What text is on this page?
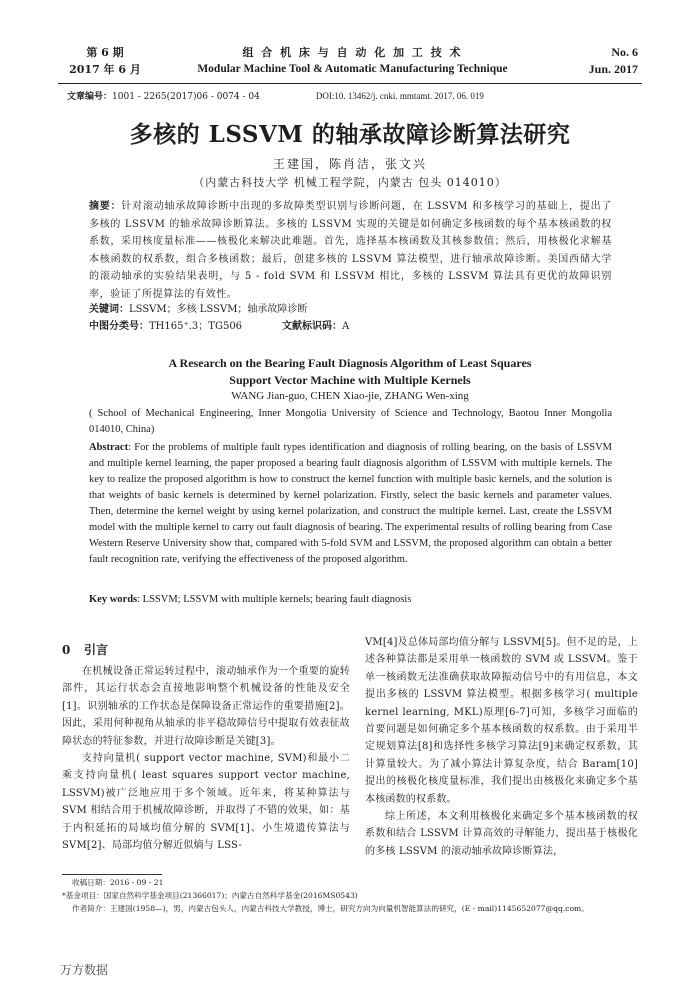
第 6 期
2017 年 6 月
组 合 机 床 与 自 动 化 加 工 技 术
Modular Machine Tool & Automatic Manufacturing Technique
No. 6
Jun. 2017
文章编号：1001 - 2265(2017)06 - 0074 - 04	DOI:10. 13462/j. cnki. mmtamt. 2017. 06. 019
多核的 LSSVM 的轴承故障诊断算法研究
王建国，陈肖洁，张文兴
（内蒙古科技大学 机械工程学院，内蒙古 包头 014010）
摘要：针对滚动轴承故障诊断中出现的多故障类型识别与诊断问题，在 LSSVM 和多核学习的基础上，提出了多核的 LSSVM 的轴承故障诊断算法。多核的 LSSVM 实现的关键是如何确定多核函数的每个基本核函数的权系数，采用核度量标准——核极化来解决此难题。首先，选择基本核函数及其核参数值；然后，用核极化求解基本核函数的权系数，组合多核函数；最后，创建多核的 LSSVM 算法模型，进行轴承故障诊断。美国西储大学的滚动轴承的实验结果表明，与 5 - fold SVM 和 LSSVM 相比，多核的 LSSVM 算法具有更优的故障识别率，验证了所提算法的有效性。
关键词：LSSVM；多核 LSSVM；轴承故障诊断
中图分类号：TH165⁺.3；TG506	文献标识码：A
A Research on the Bearing Fault Diagnosis Algorithm of Least Squares
Support Vector Machine with Multiple Kernels
WANG Jian-guo, CHEN Xiao-jie, ZHANG Wen-xing
( School of Mechanical Engineering, Inner Mongolia University of Science and Technology, Baotou Inner Mongolia 014010, China)
Abstract: For the problems of multiple fault types identification and diagnosis of rolling bearing, on the basis of LSSVM and multiple kernel learning, the paper proposed a bearing fault diagnosis algorithm of LSSVM with multiple kernels. The key to realize the proposed algorithm is how to construct the kernel function with multiple basic kernels, and the solution is that weights of basic kernels is determined by kernel polarization. Firstly, select the basic kernels and parameter values. Then, determine the kernel weight by using kernel polarization, and construct the multiple kernel. Last, create the LSSVM model with the multiple kernel to carry out fault diagnosis of bearing. The experimental results of rolling bearing from Case Western Reserve University show that, compared with 5-fold SVM and LSSVM, the proposed algorithm can obtain a better fault recognition rate, verifying the effectiveness of the proposed algorithm.
Key words: LSSVM; LSSVM with multiple kernels; bearing fault diagnosis
0 引言

在机械设备正常运转过程中，滚动轴承作为一个重要的旋转部件，其运行状态会直接地影响整个机械设备的性能及安全[1]。识别轴承的工作状态是保障设备正常运作的重要措施[2]。因此，采用何种视角从轴承的非平稳故障信号中提取有效表征故障状态的特征参数，并进行故障诊断是关键[3]。

支持向量机( support vector machine, SVM)和最小二乘支持向量机( least squares support vector machine, LSSVM)被广泛地应用于多个领域。近年来，将某种算法与 SVM 相结合用于机械故障诊断，并取得了不错的效果，如：基于内积延拓的局域均值分解的 SVM[1]、小生境遗传算法与 SVM[2]、局部均值分解近似熵与 LSS-

VM[4]及总体局部均值分解与 LSSVM[5]。但不足的是，上述各种算法都是采用单一核函数的 SVM 或 LSSVM。鉴于单一核函数无法准确获取故障振动信号中的有用信息，本文提出多核的 LSSVM 算法模型。根据多核学习( multiple kernel learning, MKL)原理[6-7]可知，多核学习面临的首要问题是如何确定多个基本核函数的权系数。由于采用半定规划算法[8]和选择性多核学习算法[9]来确定权系数，其计算量较大。为了减小算法计算复杂度，结合 Baram[10]提出的核极化核度量标准，我们提出由核极化来确定多个基本核函数的权系数。

综上所述，本文利用核极化来确定多个基本核函数的权系数和结合 LSSVM 计算高效的寻解能力，提出基于核极化的多核 LSSVM 的滚动轴承故障诊断算法，

收稿日期：2016 - 09 - 21
*基金项目：国家自然科学基金项目(21366017)；内蒙古自然科学基金(2016MS0543)
作者简介：王建国(1958—)，男，内蒙古包头人，内蒙古科技大学教授，博士，研究方向为向量机智能算法的研究，(E - mail)1145652077@qq.com。
万方数据
